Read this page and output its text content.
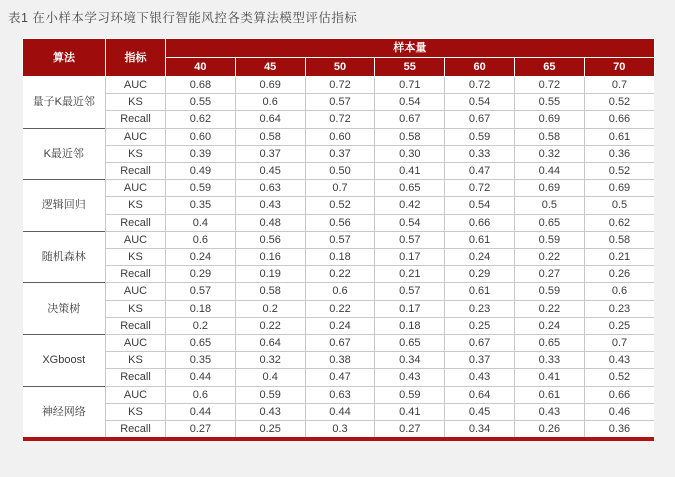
表1 在小样本学习环境下银行智能风控各类算法模型评估指标
算法	指标	样本量						
		40	45	50	55	60	65	70
量子K最近邻	AUC	0.68	0.69	0.72	0.71	0.72	0.72	0.7
	KS	0.55	0.6	0.57	0.54	0.54	0.55	0.52
	Recall	0.62	0.64	0.72	0.67	0.67	0.69	0.66
K最近邻	AUC	0.60	0.58	0.60	0.58	0.59	0.58	0.61
	KS	0.39	0.37	0.37	0.30	0.33	0.32	0.36
	Recall	0.49	0.45	0.50	0.41	0.47	0.44	0.52
逻辑回归	AUC	0.59	0.63	0.7	0.65	0.72	0.69	0.69
	KS	0.35	0.43	0.52	0.42	0.54	0.5	0.5
	Recall	0.4	0.48	0.56	0.54	0.66	0.65	0.62
随机森林	AUC	0.6	0.56	0.57	0.57	0.61	0.59	0.58
	KS	0.24	0.16	0.18	0.17	0.24	0.22	0.21
	Recall	0.29	0.19	0.22	0.21	0.29	0.27	0.26
决策树	AUC	0.57	0.58	0.6	0.57	0.61	0.59	0.6
	KS	0.18	0.2	0.22	0.17	0.23	0.22	0.23
	Recall	0.2	0.22	0.24	0.18	0.25	0.24	0.25
XGboost	AUC	0.65	0.64	0.67	0.65	0.67	0.65	0.7
	KS	0.35	0.32	0.38	0.34	0.37	0.33	0.43
	Recall	0.44	0.4	0.47	0.43	0.43	0.41	0.52
神经网络	AUC	0.6	0.59	0.63	0.59	0.64	0.61	0.66
	KS	0.44	0.43	0.44	0.41	0.45	0.43	0.46
	Recall	0.27	0.25	0.3	0.27	0.34	0.26	0.36
